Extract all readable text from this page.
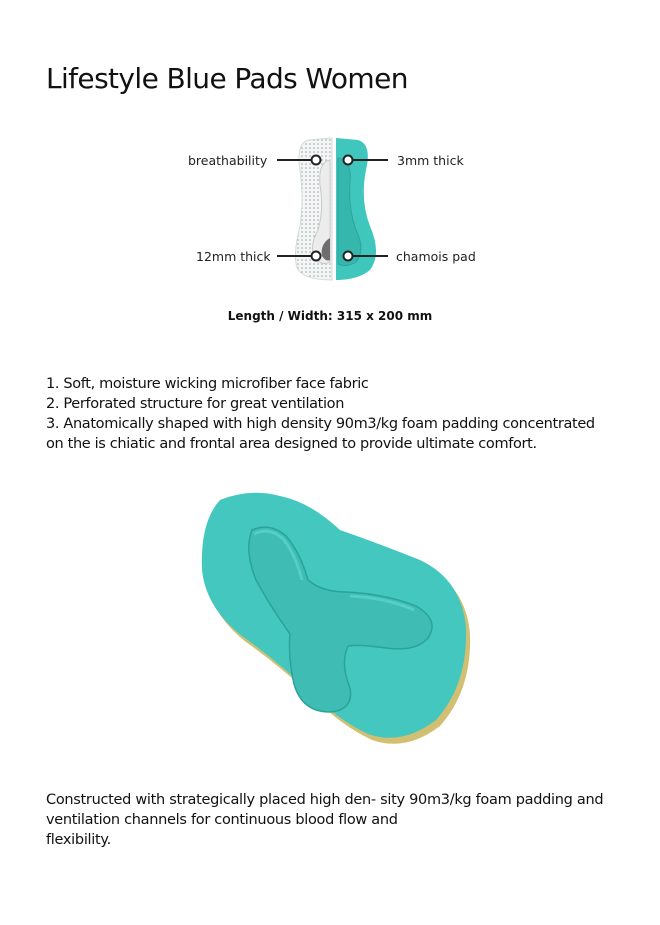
Lifestyle Blue Pads Women
breathability	3mm thick
12mm thick	chamois pad

Length / Width: 315 x 200 mm

1. Soft, moisture wicking microfiber face fabric

2. Perforated structure for great ventilation

3. Anatomically shaped with high density 90m3/kg foam padding concentrated

on the is chiatic and frontal area designed to provide ultimate comfort.

Constructed with strategically placed high den- sity 90m3/kg foam padding and

ventilation channels for continuous blood flow and

flexibility.
